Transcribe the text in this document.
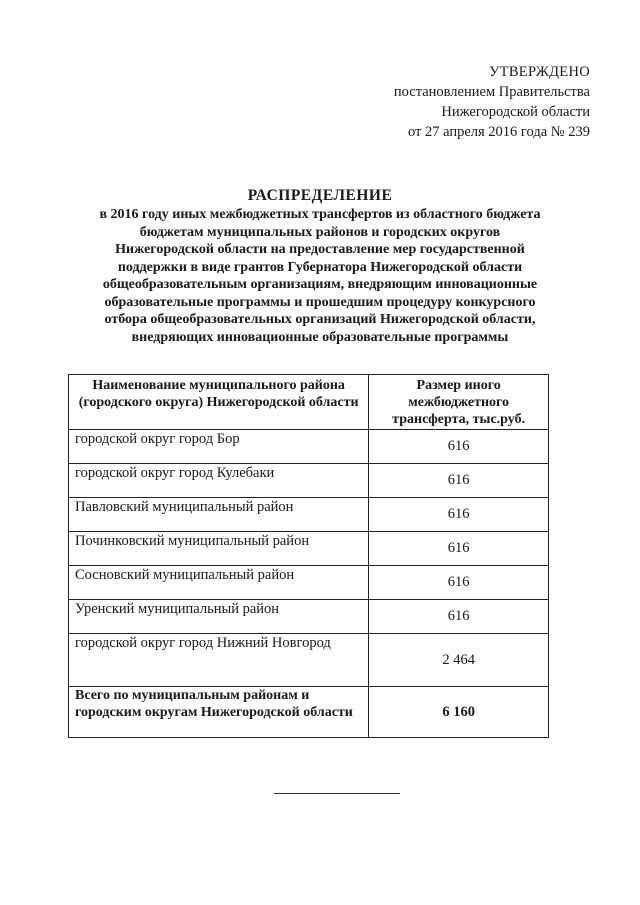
УТВЕРЖДЕНО
постановлением Правительства
Нижегородской области
от 27 апреля 2016 года № 239
РАСПРЕДЕЛЕНИЕ
в 2016 году иных межбюджетных трансфертов из областного бюджета
бюджетам муниципальных районов и городских округов
Нижегородской области на предоставление мер государственной
поддержки в виде грантов Губернатора Нижегородской области
общеобразовательным организациям, внедряющим инновационные
образовательные программы и прошедшим процедуру конкурсного
отбора общеобразовательных организаций Нижегородской области,
внедряющих инновационные образовательные программы
Наименование муниципального района (городского округа) Нижегородской области	Размер иного межбюджетного трансферта, тыс.руб.
городской округ город Бор	616
городской округ город Кулебаки	616
Павловский муниципальный район	616
Починковский муниципальный район	616
Сосновский муниципальный район	616
Уренский муниципальный район	616
городской округ город Нижний Новгород	2 464
Всего по муниципальным районам и городским округам Нижегородской области	6 160
